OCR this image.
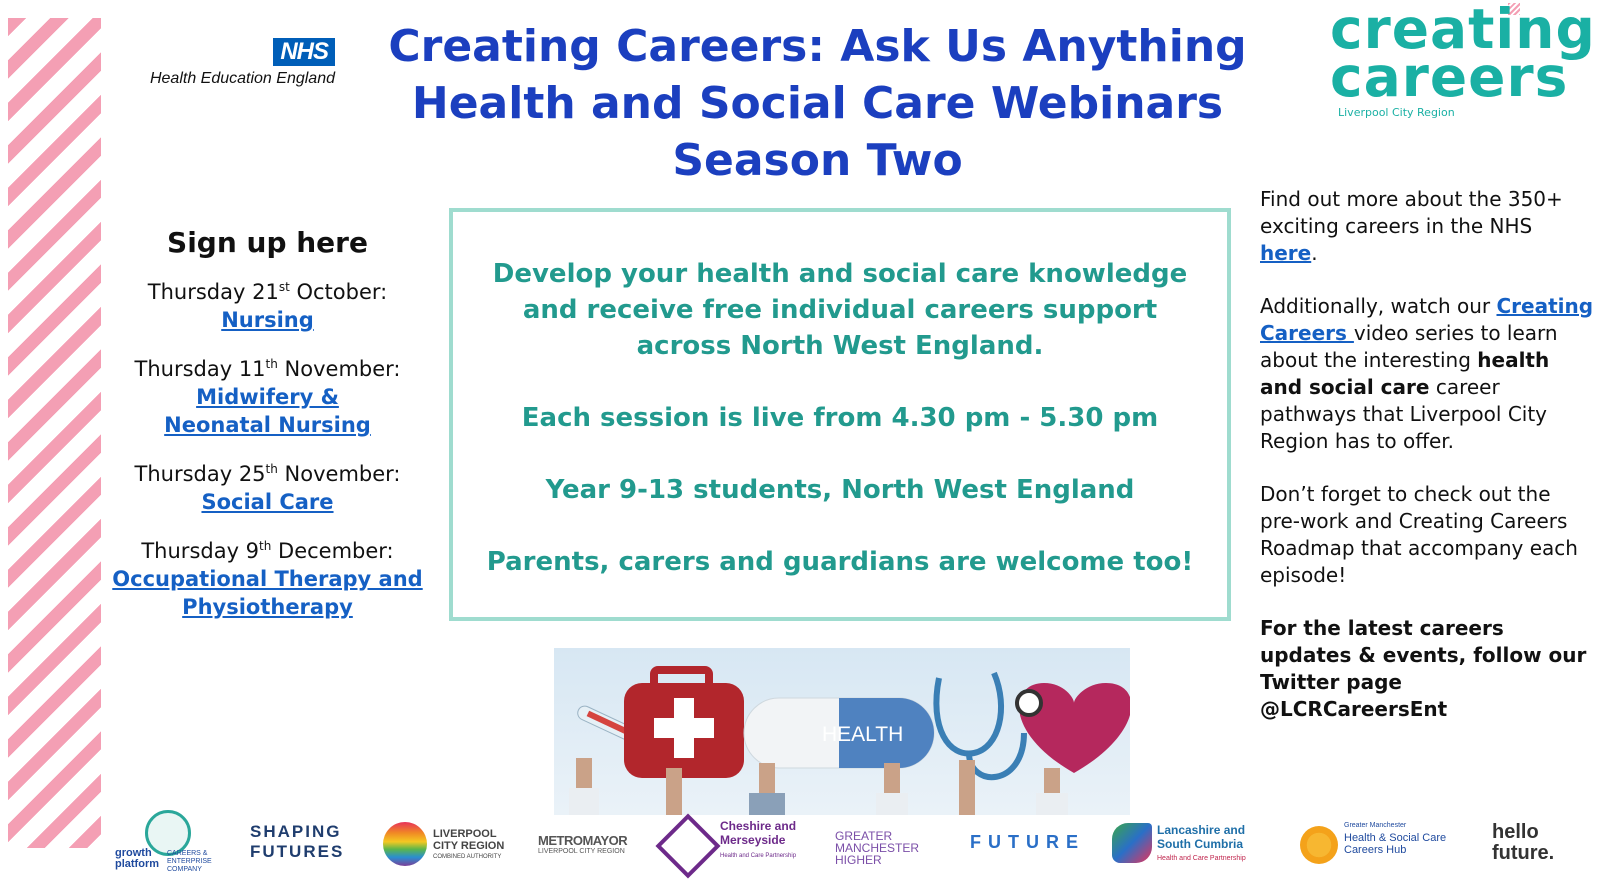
NHS
Health Education England
Creating Careers: Ask Us Anything
Health and Social Care Webinars
Season Two
creating
careers
Liverpool City Region
Sign up here
Thursday 21st October:
Nursing
Thursday 11th November:
Midwifery & Neonatal Nursing
Thursday 25th November:
Social Care
Thursday 9th December:
Occupational Therapy and Physiotherapy
Develop your health and social care knowledge and receive free individual careers support across North West England.
Each session is live from 4.30 pm - 5.30 pm
Year 9-13 students, North West England
Parents, carers and guardians are welcome too!
HEALTH

Find out more about the 350+ exciting careers in the NHS here.

Additionally, watch our Creating Careers video series to learn about the interesting health and social care career pathways that Liverpool City Region has to offer.

Don’t forget to check out the pre-work and Creating Careers Roadmap that accompany each episode!

For the latest careers updates & events, follow our Twitter page @LCRCareersEnt

growth platform
CAREERS & ENTERPRISE COMPANY
SHAPING FUTURES
LIVERPOOL CITY REGION
COMBINED AUTHORITY
METROMAYOR
LIVERPOOL CITY REGION
Cheshire and Merseyside
Health and Care Partnership
GREATER MANCHESTER HIGHER
FUTURE
Lancashire and South Cumbria
Health and Care Partnership
Greater Manchester
Health & Social Care Careers Hub
hello future.
